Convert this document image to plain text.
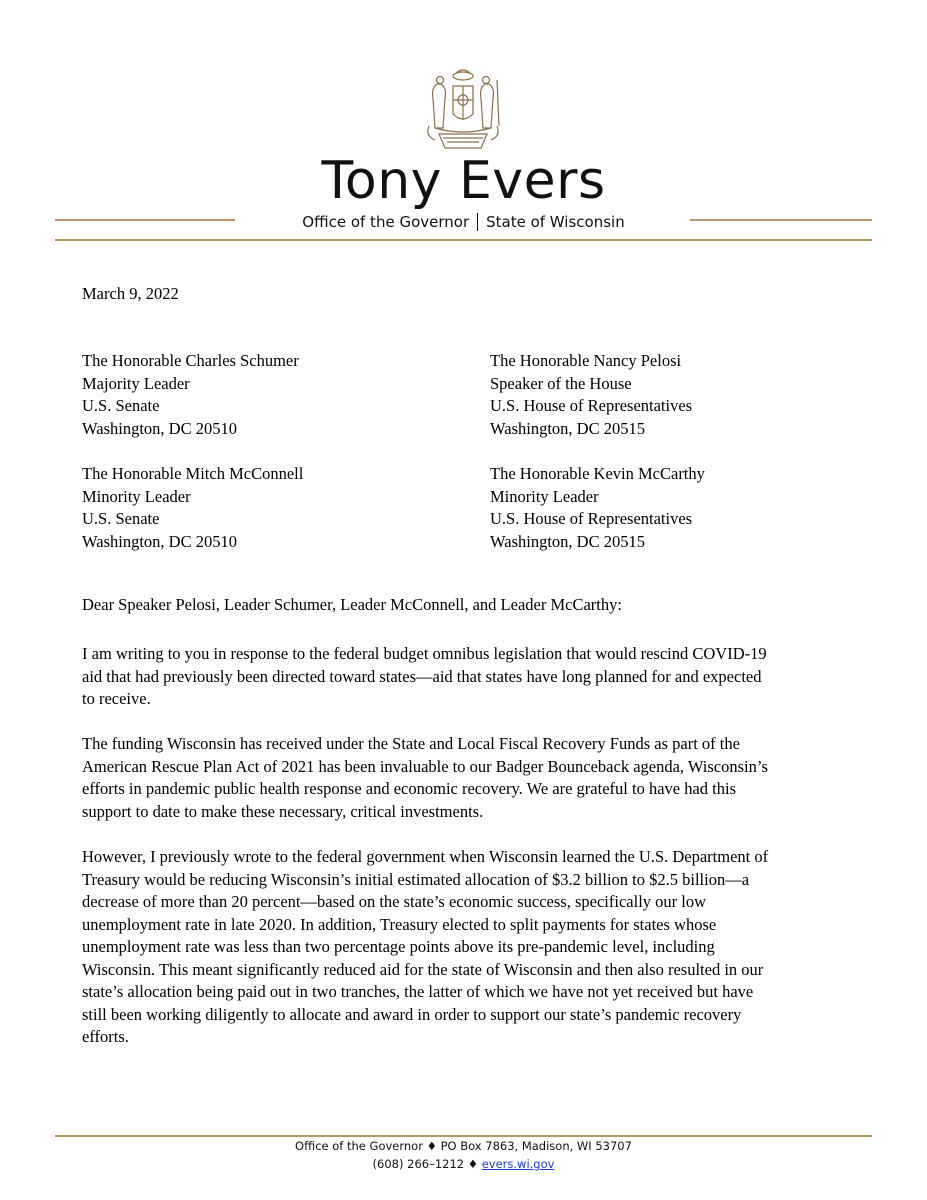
Tony Evers
Office of the Governor State of Wisconsin
March 9, 2022
The Honorable Charles Schumer
Majority Leader
U.S. Senate
Washington, DC 20510
The Honorable Nancy Pelosi
Speaker of the House
U.S. House of Representatives
Washington, DC 20515
The Honorable Mitch McConnell
Minority Leader
U.S. Senate
Washington, DC 20510
The Honorable Kevin McCarthy
Minority Leader
U.S. House of Representatives
Washington, DC 20515
Dear Speaker Pelosi, Leader Schumer, Leader McConnell, and Leader McCarthy:
I am writing to you in response to the federal budget omnibus legislation that would rescind COVID-19
aid that had previously been directed toward states—aid that states have long planned for and expected
to receive.
The funding Wisconsin has received under the State and Local Fiscal Recovery Funds as part of the
American Rescue Plan Act of 2021 has been invaluable to our Badger Bounceback agenda, Wisconsin’s
efforts in pandemic public health response and economic recovery. We are grateful to have had this
support to date to make these necessary, critical investments.
However, I previously wrote to the federal government when Wisconsin learned the U.S. Department of
Treasury would be reducing Wisconsin’s initial estimated allocation of $3.2 billion to $2.5 billion—a
decrease of more than 20 percent—based on the state’s economic success, specifically our low
unemployment rate in late 2020. In addition, Treasury elected to split payments for states whose
unemployment rate was less than two percentage points above its pre-pandemic level, including
Wisconsin. This meant significantly reduced aid for the state of Wisconsin and then also resulted in our
state’s allocation being paid out in two tranches, the latter of which we have not yet received but have
still been working diligently to allocate and award in order to support our state’s pandemic recovery
efforts.
Office of the Governor ♦ PO Box 7863, Madison, WI 53707
(608) 266–1212 ♦ evers.wi.gov
